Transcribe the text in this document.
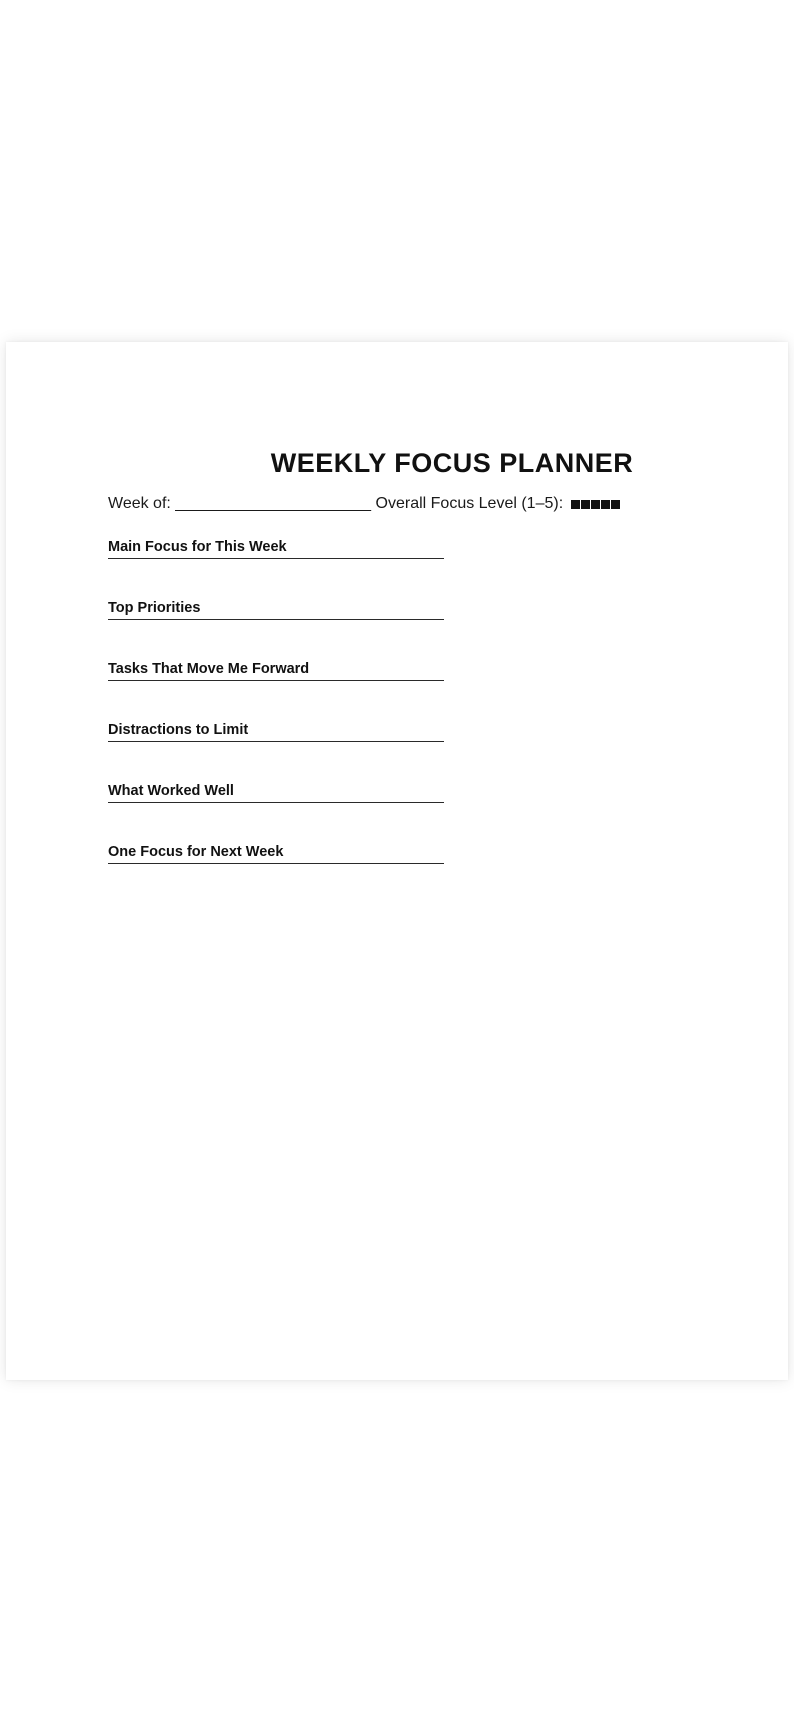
WEEKLY FOCUS PLANNER
Week of: ______________________ Overall Focus Level (1–5):
Main Focus for This Week
Top Priorities
Tasks That Move Me Forward
Distractions to Limit
What Worked Well
One Focus for Next Week
